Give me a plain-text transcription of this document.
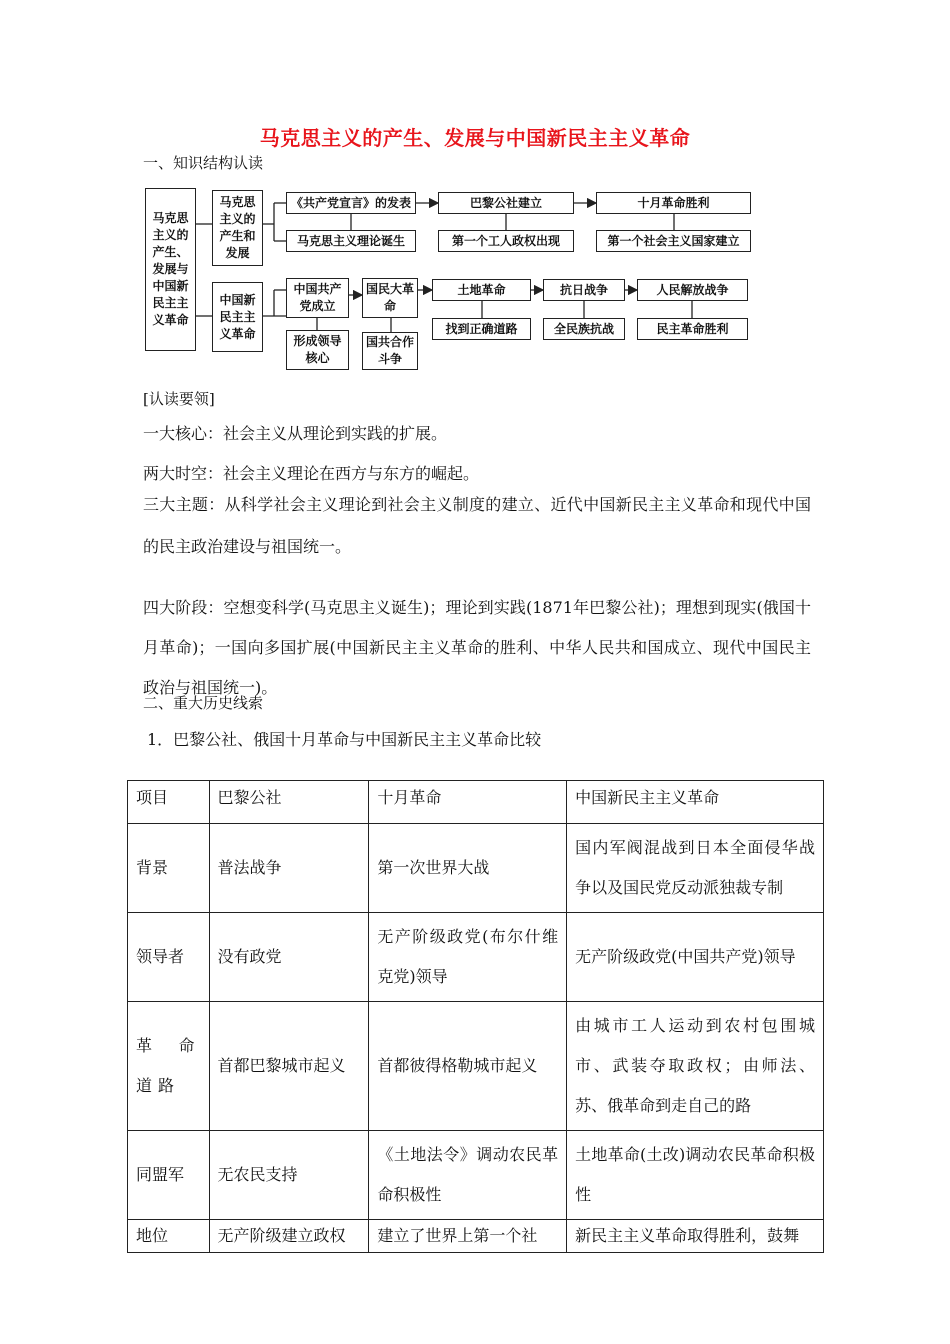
马克思主义的产生、发展与中国新民主主义革命
一、知识结构认读
马克思主义的产生、发展与中国新民主主义革命
马克思主义的产生和发展
中国新民主主义革命
《共产党宣言》的发表	巴黎公社建立	十月革命胜利
马克思主义理论诞生	第一个工人政权出现	第一个社会主义国家建立
中国共产党成立
国民大革命
土地革命	抗日战争	人民解放战争
形成领导核心
国共合作斗争
找到正确道路	全民族抗战	民主革命胜利
[认读要领]
一大核心：社会主义从理论到实践的扩展。
两大时空：社会主义理论在西方与东方的崛起。
三大主题：从科学社会主义理论到社会主义制度的建立、近代中国新民主主义革命和现代中国的民主政治建设与祖国统一。
四大阶段：空想变科学(马克思主义诞生)；理论到实践(1871年巴黎公社)；理想到现实(俄国十月革命)；一国向多国扩展(中国新民主主义革命的胜利、中华人民共和国成立、现代中国民主政治与祖国统一)。
二、重大历史线索
1．巴黎公社、俄国十月革命与中国新民主主义革命比较
项目	巴黎公社	十月革命	中国新民主主义革命
背景	普法战争	第一次世界大战	国内军阀混战到日本全面侵华战争以及国民党反动派独裁专制
领导者	没有政党	无产阶级政党(布尔什维克党)领导	无产阶级政党(中国共产党)领导
革命道路	首都巴黎城市起义	首都彼得格勒城市起义	由城市工人运动到农村包围城市、武装夺取政权；由师法、苏、俄革命到走自己的路
同盟军	无农民支持	《土地法令》调动农民革命积极性	土地革命(土改)调动农民革命积极性
地位	无产阶级建立政权	建立了世界上第一个社	新民主主义革命取得胜利，鼓舞
